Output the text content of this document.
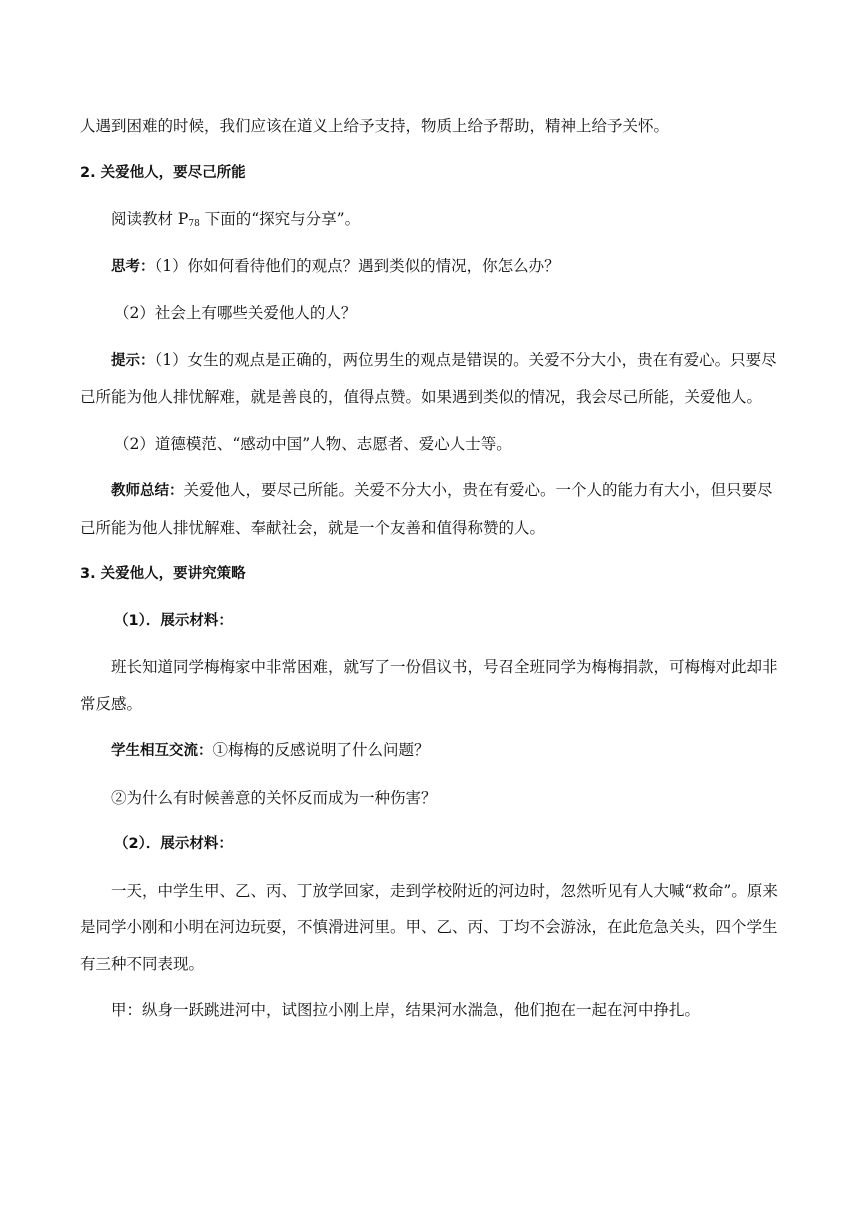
人遇到困难的时候，我们应该在道义上给予支持，物质上给予帮助，精神上给予关怀。

2. 关爱他人，要尽己所能

阅读教材 $P_{78}$ 下面的“探究与分享”。

思考：（1）你如何看待他们的观点？遇到类似的情况，你怎么办？

（2）社会上有哪些关爱他人的人？

提示：（1）女生的观点是正确的，两位男生的观点是错误的。关爱不分大小，贵在有爱心。只要尽己所能为他人排忧解难，就是善良的，值得点赞。如果遇到类似的情况，我会尽己所能，关爱他人。

（2）道德模范、“感动中国”人物、志愿者、爱心人士等。

教师总结：关爱他人，要尽己所能。关爱不分大小，贵在有爱心。一个人的能力有大小，但只要尽己所能为他人排忧解难、奉献社会，就是一个友善和值得称赞的人。

3. 关爱他人，要讲究策略

（1）．展示材料：

班长知道同学梅梅家中非常困难，就写了一份倡议书，号召全班同学为梅梅捐款，可梅梅对此却非常反感。

学生相互交流：①梅梅的反感说明了什么问题？

②为什么有时候善意的关怀反而成为一种伤害？

（2）．展示材料：

一天，中学生甲、乙、丙、丁放学回家，走到学校附近的河边时，忽然听见有人大喊“救命”。原来是同学小刚和小明在河边玩耍，不慎滑进河里。甲、乙、丙、丁均不会游泳，在此危急关头，四个学生有三种不同表现。

甲：纵身一跃跳进河中，试图拉小刚上岸，结果河水湍急，他们抱在一起在河中挣扎。
